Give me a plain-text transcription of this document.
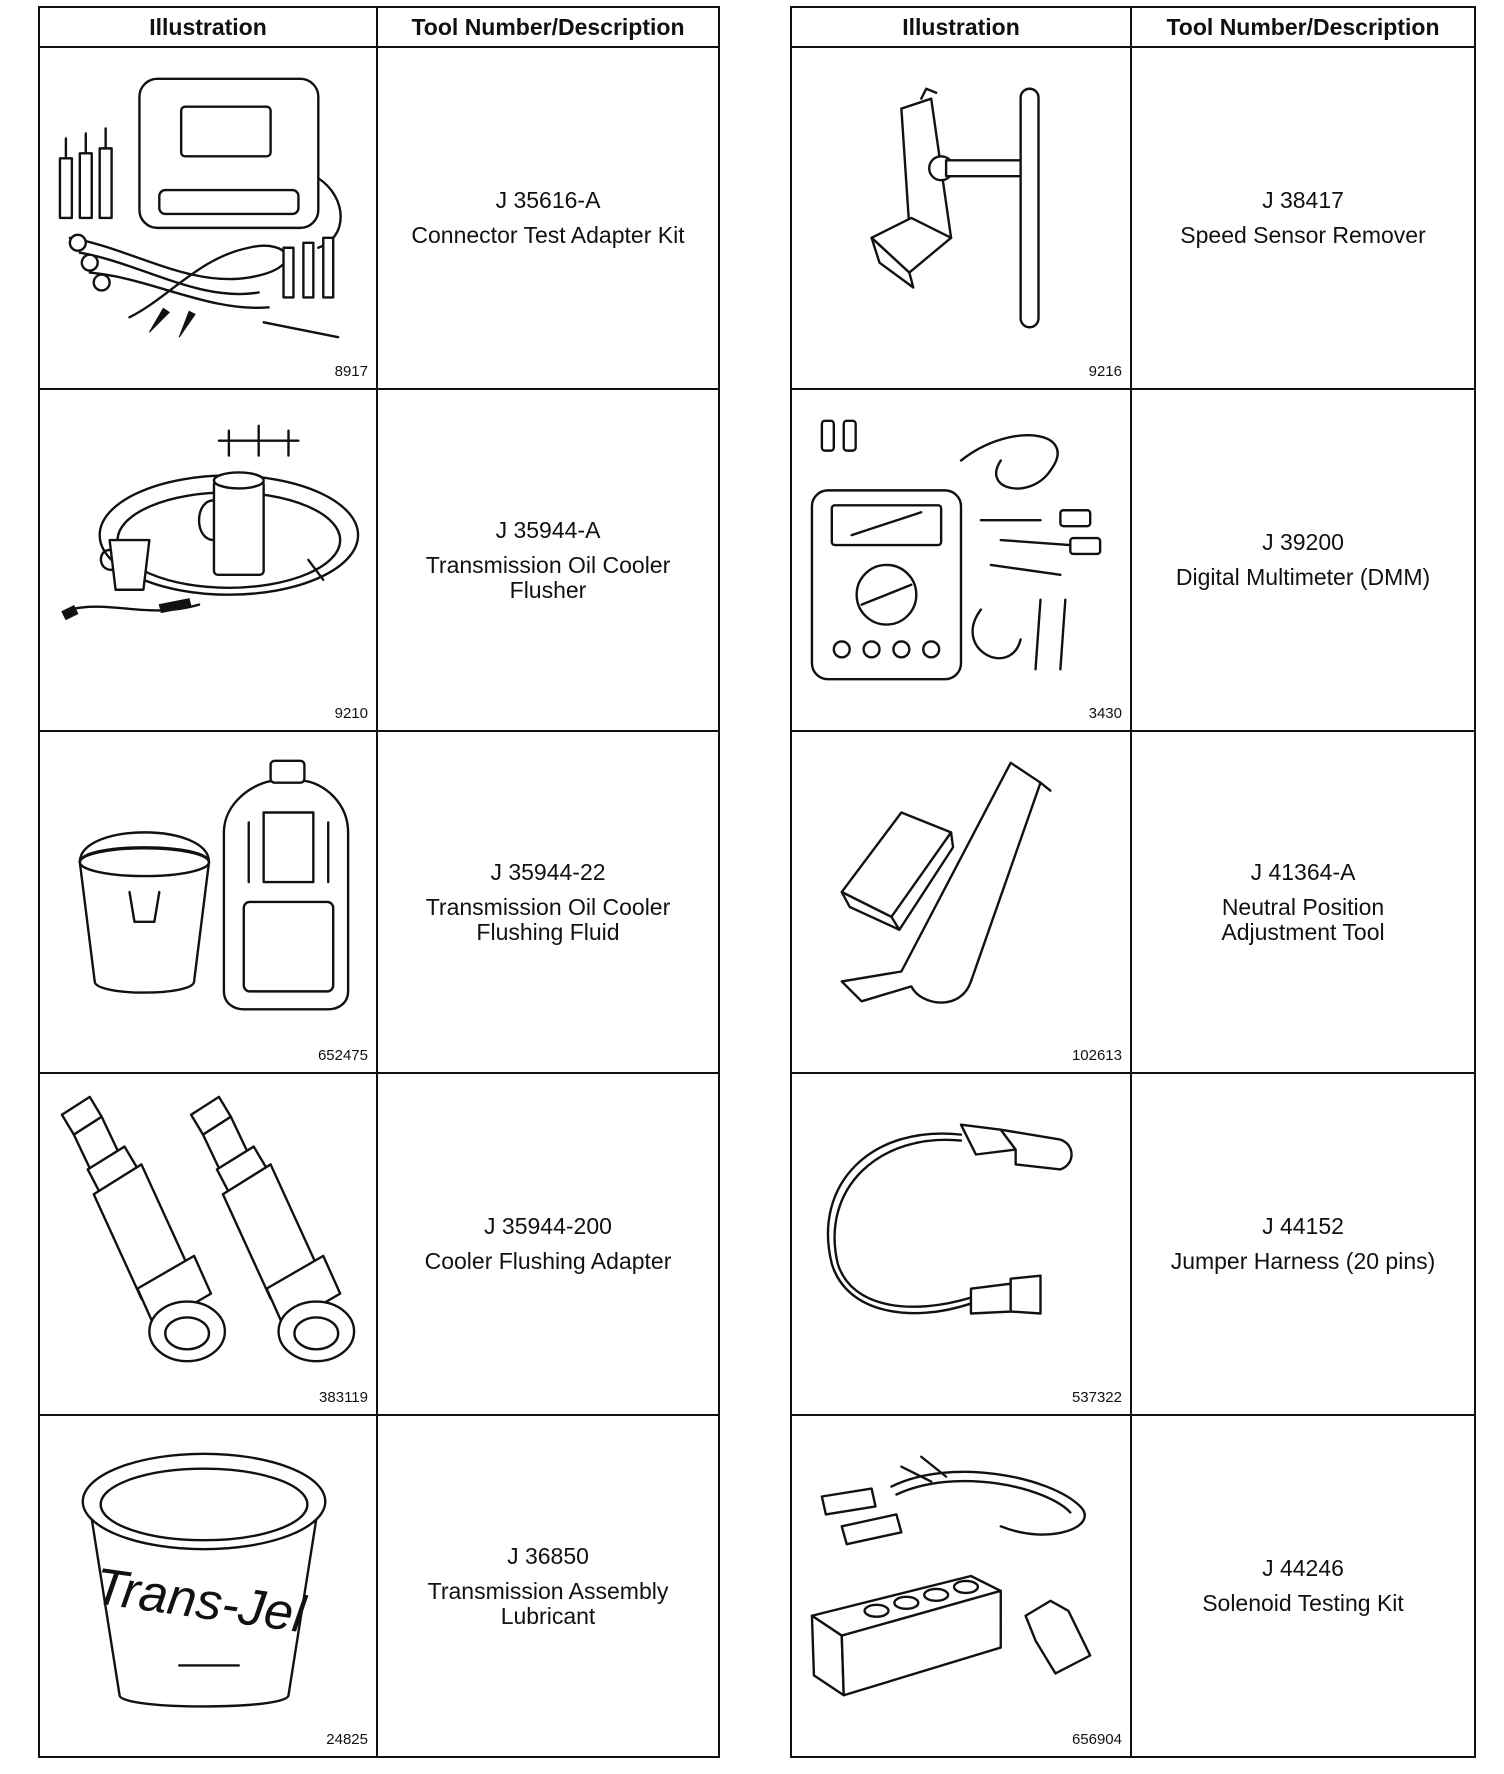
Illustration	Tool Number/Description

8917	J 35616-A
Connector Test Adapter Kit

9210	J 35944-A
Transmission Oil Cooler
Flusher

652475	J 35944-22
Transmission Oil Cooler
Flushing Fluid

383119	J 35944-200
Cooler Flushing Adapter

Trans-Jel
24825	J 36850
Transmission Assembly
Lubricant
Illustration	Tool Number/Description

9216	J 38417
Speed Sensor Remover

3430	J 39200
Digital Multimeter (DMM)

102613	J 41364-A
Neutral Position
Adjustment Tool

537322	J 44152
Jumper Harness (20 pins)

656904	J 44246
Solenoid Testing Kit
